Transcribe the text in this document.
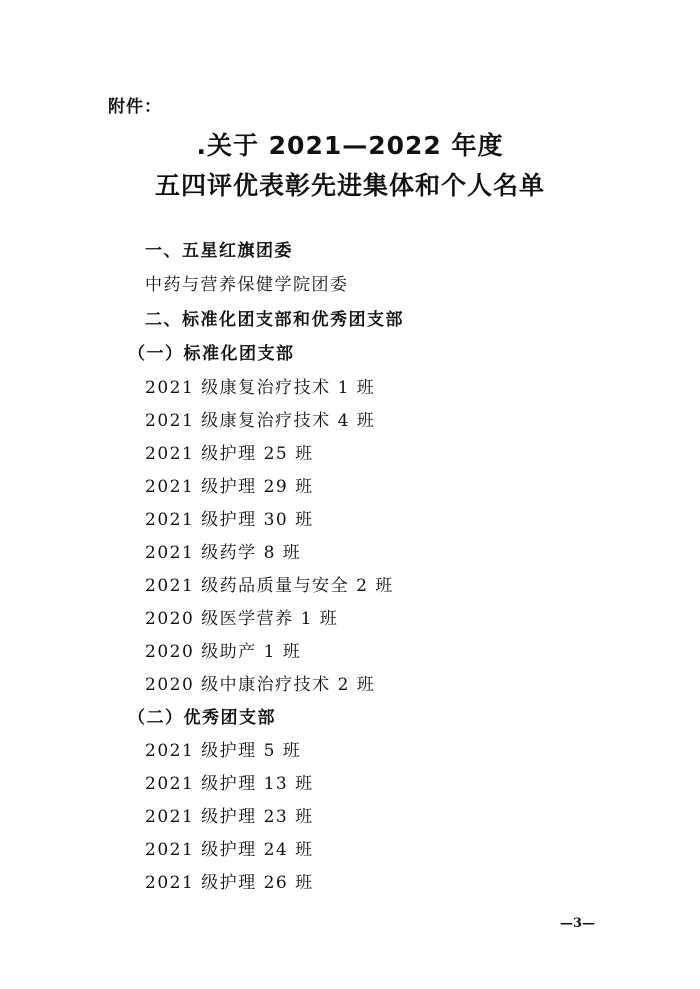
附件：
.关于 2021—2022 年度
五四评优表彰先进集体和个人名单
一、五星红旗团委
中药与营养保健学院团委
二、标准化团支部和优秀团支部
（一）标准化团支部
2021 级康复治疗技术 1 班
2021 级康复治疗技术 4 班
2021 级护理 25 班
2021 级护理 29 班
2021 级护理 30 班
2021 级药学 8 班
2021 级药品质量与安全 2 班
2020 级医学营养 1 班
2020 级助产 1 班
2020 级中康治疗技术 2 班
（二）优秀团支部
2021 级护理 5 班
2021 级护理 13 班
2021 级护理 23 班
2021 级护理 24 班
2021 级护理 26 班
—3—
